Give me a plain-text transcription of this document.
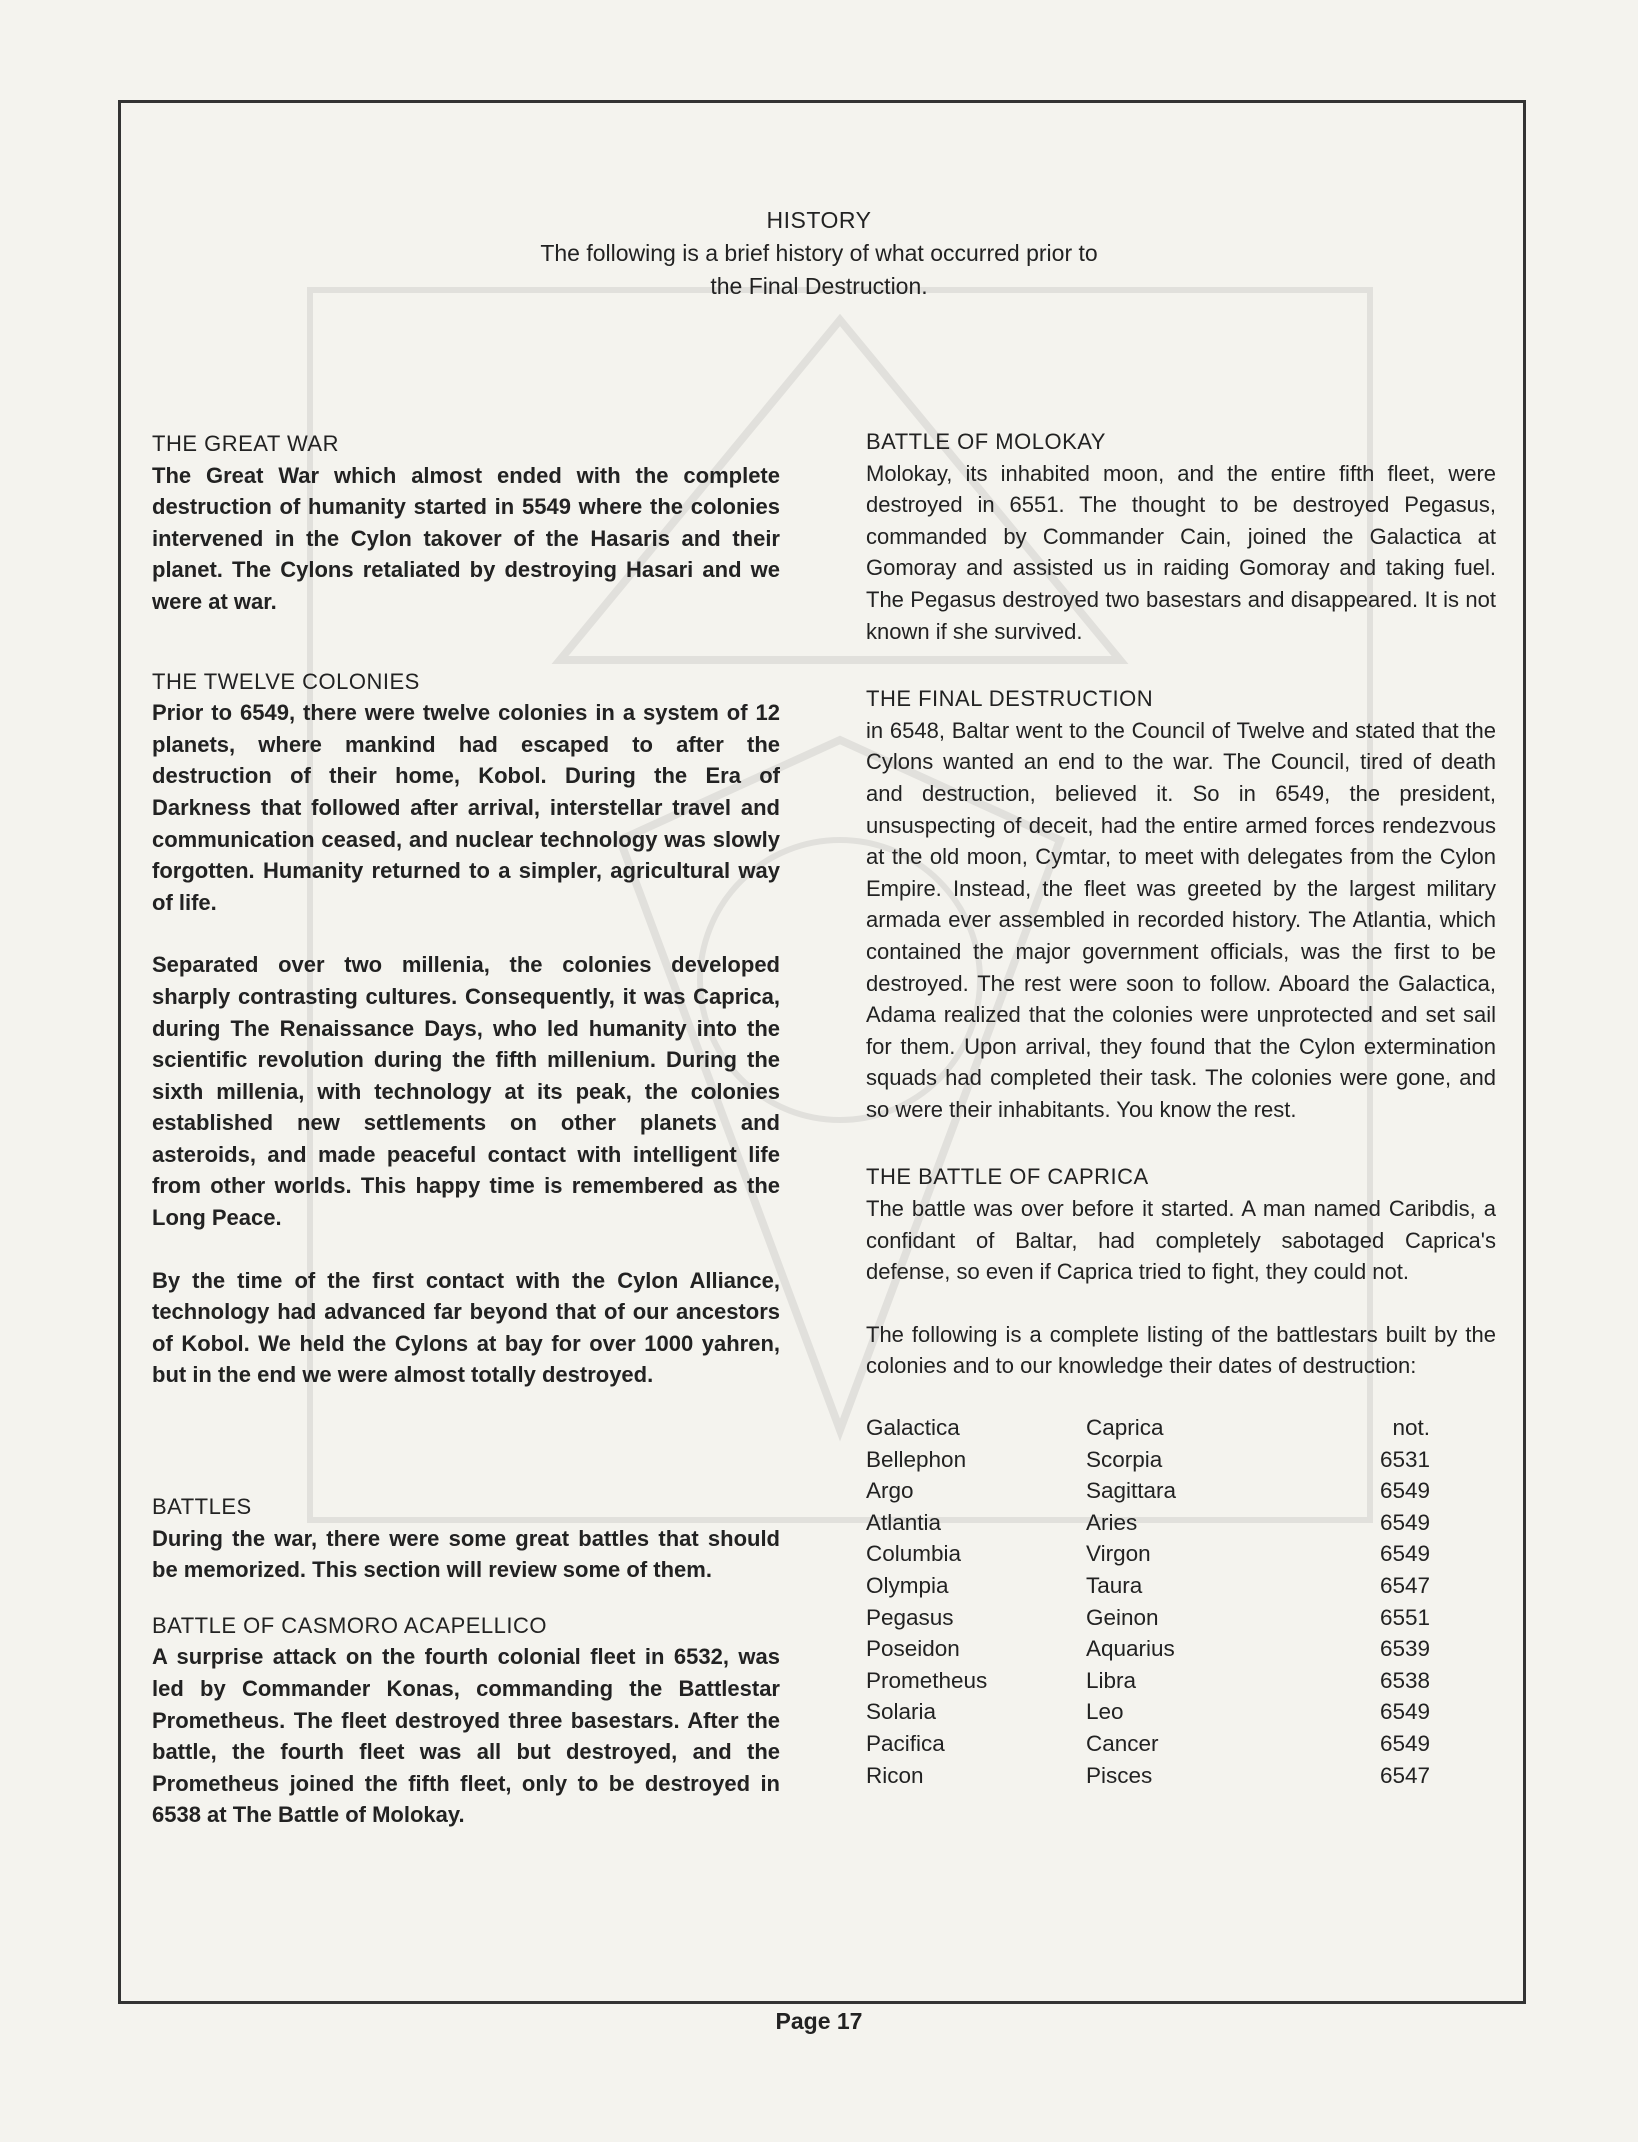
HISTORY

The following is a brief history of what occurred prior to

the Final Destruction.

THE GREAT WAR

The Great War which almost ended with the complete destruction of humanity started in 5549 where the colonies intervened in the Cylon takover of the Hasaris and their planet. The Cylons retaliated by destroying Hasari and we were at war.

THE TWELVE COLONIES

Prior to 6549, there were twelve colonies in a system of 12 planets, where mankind had escaped to after the destruction of their home, Kobol. During the Era of Darkness that followed after arrival, interstellar travel and communication ceased, and nuclear technology was slowly forgotten. Humanity returned to a simpler, agricultural way of life.

Separated over two millenia, the colonies developed sharply contrasting cultures. Consequently, it was Caprica, during The Renaissance Days, who led humanity into the scientific revolution during the fifth millenium. During the sixth millenia, with technology at its peak, the colonies established new settlements on other planets and asteroids, and made peaceful contact with intelligent life from other worlds. This happy time is remembered as the Long Peace.

By the time of the first contact with the Cylon Alliance, technology had advanced far beyond that of our ancestors of Kobol. We held the Cylons at bay for over 1000 yahren, but in the end we were almost totally destroyed.

BATTLES

During the war, there were some great battles that should be memorized. This section will review some of them.

BATTLE OF CASMORO ACAPELLICO

A surprise attack on the fourth colonial fleet in 6532, was led by Commander Konas, commanding the Battlestar Prometheus. The fleet destroyed three basestars. After the battle, the fourth fleet was all but destroyed, and the Prometheus joined the fifth fleet, only to be destroyed in 6538 at The Battle of Molokay.

BATTLE OF MOLOKAY

Molokay, its inhabited moon, and the entire fifth fleet, were destroyed in 6551. The thought to be destroyed Pegasus, commanded by Commander Cain, joined the Galactica at Gomoray and assisted us in raiding Gomoray and taking fuel. The Pegasus destroyed two basestars and disappeared. It is not known if she survived.

THE FINAL DESTRUCTION

in 6548, Baltar went to the Council of Twelve and stated that the Cylons wanted an end to the war. The Council, tired of death and destruction, believed it. So in 6549, the president, unsuspecting of deceit, had the entire armed forces rendezvous at the old moon, Cymtar, to meet with delegates from the Cylon Empire. Instead, the fleet was greeted by the largest military armada ever assembled in recorded history. The Atlantia, which contained the major government officials, was the first to be destroyed. The rest were soon to follow. Aboard the Galactica, Adama realized that the colonies were unprotected and set sail for them. Upon arrival, they found that the Cylon extermination squads had completed their task. The colonies were gone, and so were their inhabitants. You know the rest.

THE BATTLE OF CAPRICA

The battle was over before it started. A man named Caribdis, a confidant of Baltar, had completely sabotaged Caprica's defense, so even if Caprica tried to fight, they could not.

The following is a complete listing of the battlestars built by the colonies and to our knowledge their dates of destruction:

Galactica	Caprica	not.
Bellephon	Scorpia	6531
Argo	Sagittara	6549
Atlantia	Aries	6549
Columbia	Virgon	6549
Olympia	Taura	6547
Pegasus	Geinon	6551
Poseidon	Aquarius	6539
Prometheus	Libra	6538
Solaria	Leo	6549
Pacifica	Cancer	6549
Ricon	Pisces	6547
Page 17
